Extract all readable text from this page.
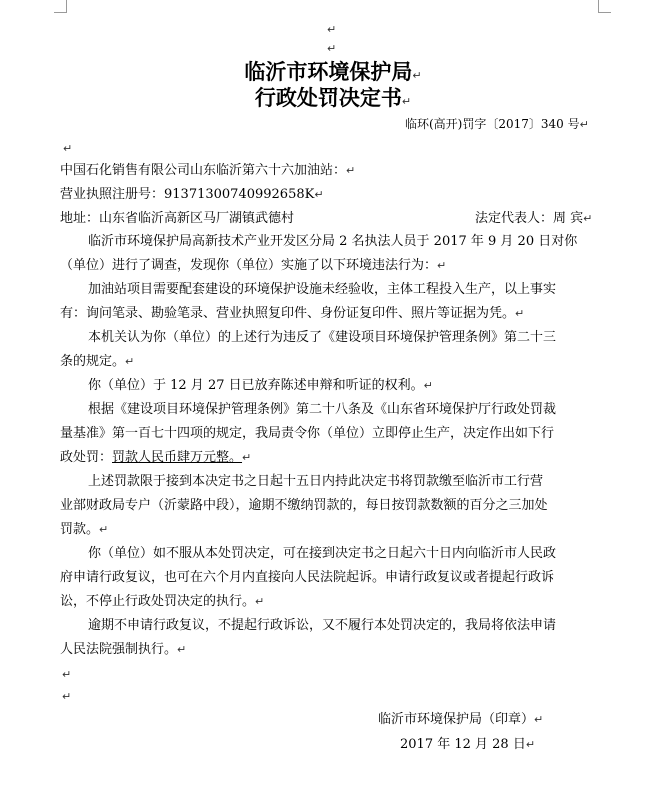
↵
↵
临沂市环境保护局↵
行政处罚决定书↵
临环(高开)罚字〔2017〕340 号↵
↵
中国石化销售有限公司山东临沂第六十六加油站：↵
营业执照注册号：91371300740992658K↵
地址：山东省临沂高新区马厂湖镇武德村	法定代表人：周 宾↵
临沂市环境保护局高新技术产业开发区分局 2 名执法人员于 2017 年 9 月 20 日对你
（单位）进行了调查，发现你（单位）实施了以下环境违法行为：↵
加油站项目需要配套建设的环境保护设施未经验收，主体工程投入生产，以上事实
有：询问笔录、勘验笔录、营业执照复印件、身份证复印件、照片等证据为凭。↵
本机关认为你（单位）的上述行为违反了《建设项目环境保护管理条例》第二十三
条的规定。↵
你（单位）于 12 月 27 日已放弃陈述申辩和听证的权利。↵
根据《建设项目环境保护管理条例》第二十八条及《山东省环境保护厅行政处罚裁
量基准》第一百七十四项的规定，我局责令你（单位）立即停止生产，决定作出如下行
政处罚：罚款人民币肆万元整。↵
上述罚款限于接到本决定书之日起十五日内持此决定书将罚款缴至临沂市工行营
业部财政局专户（沂蒙路中段），逾期不缴纳罚款的，每日按罚款数额的百分之三加处
罚款。↵
你（单位）如不服从本处罚决定，可在接到决定书之日起六十日内向临沂市人民政
府申请行政复议，也可在六个月内直接向人民法院起诉。申请行政复议或者提起行政诉
讼，不停止行政处罚决定的执行。↵
逾期不申请行政复议，不提起行政诉讼，又不履行本处罚决定的，我局将依法申请
人民法院强制执行。↵
↵
↵
临沂市环境保护局（印章）↵
2017 年 12 月 28 日↵
